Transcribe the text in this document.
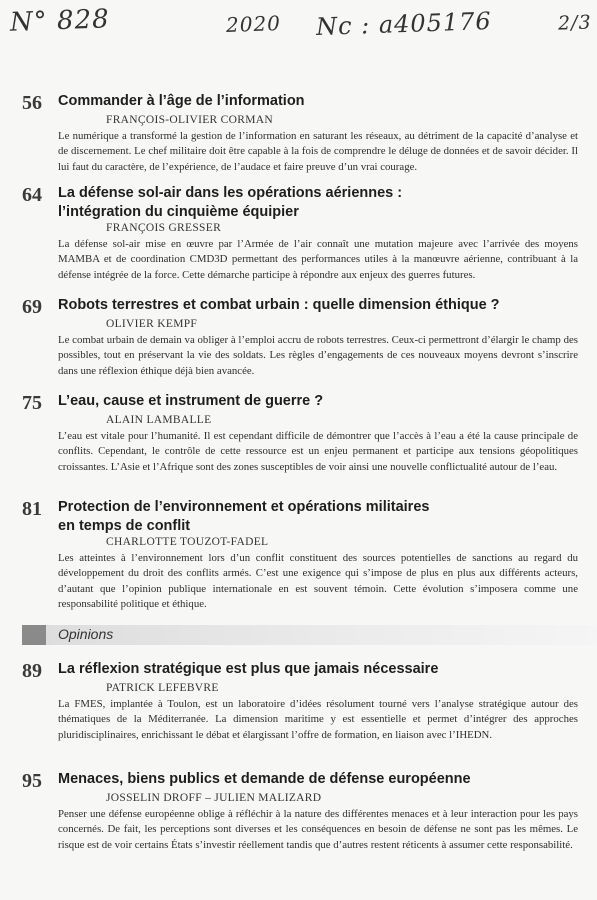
N° 828	2020 Nc : a405176	2/3
56 Commander à l’âge de l’information
FRANÇOIS-OLIVIER CORMAN
Le numérique a transformé la gestion de l’information en saturant les réseaux, au détriment de la capacité d’analyse et de discernement. Le chef militaire doit être capable à la fois de comprendre le déluge de données et de savoir décider. Il lui faut du caractère, de l’expérience, de l’audace et faire preuve d’un vrai courage.
64 La défense sol-air dans les opérations aériennes :
l’intégration du cinquième équipier
FRANÇOIS GRESSER
La défense sol-air mise en œuvre par l’Armée de l’air connaît une mutation majeure avec l’arrivée des moyens MAMBA et de coordination CMD3D permettant des performances utiles à la manœuvre aérienne, contribuant à la défense intégrée de la force. Cette démarche participe à répondre aux enjeux des guerres futures.
69 Robots terrestres et combat urbain : quelle dimension éthique ?
OLIVIER KEMPF
Le combat urbain de demain va obliger à l’emploi accru de robots terrestres. Ceux-ci permettront d’élargir le champ des possibles, tout en préservant la vie des soldats. Les règles d’engagements de ces nouveaux moyens devront s’inscrire dans une réflexion éthique déjà bien avancée.
75 L’eau, cause et instrument de guerre ?
ALAIN LAMBALLE
L’eau est vitale pour l’humanité. Il est cependant difficile de démontrer que l’accès à l’eau a été la cause principale de conflits. Cependant, le contrôle de cette ressource est un enjeu permanent et participe aux tensions géopolitiques croissantes. L’Asie et l’Afrique sont des zones susceptibles de voir ainsi une nouvelle conflictualité autour de l’eau.
81 Protection de l’environnement et opérations militaires
en temps de conflit
CHARLOTTE TOUZOT-FADEL
Les atteintes à l’environnement lors d’un conflit constituent des sources potentielles de sanctions au regard du développement du droit des conflits armés. C’est une exigence qui s’impose de plus en plus aux différents acteurs, d’autant que l’opinion publique internationale en est souvent témoin. Cette évolution s’imposera comme une responsabilité politique et éthique.
Opinions
89 La réflexion stratégique est plus que jamais nécessaire
PATRICK LEFEBVRE
La FMES, implantée à Toulon, est un laboratoire d’idées résolument tourné vers l’analyse stratégique autour des thématiques de la Méditerranée. La dimension maritime y est essentielle et permet d’intégrer des approches pluridisciplinaires, enrichissant le débat et élargissant l’offre de formation, en liaison avec l’IHEDN.
95 Menaces, biens publics et demande de défense européenne
JOSSELIN DROFF – JULIEN MALIZARD
Penser une défense européenne oblige à réfléchir à la nature des différentes menaces et à leur interaction pour les pays concernés. De fait, les perceptions sont diverses et les conséquences en besoin de défense ne sont pas les mêmes. Le risque est de voir certains États s’investir réellement tandis que d’autres restent réticents à assumer cette responsabilité.
